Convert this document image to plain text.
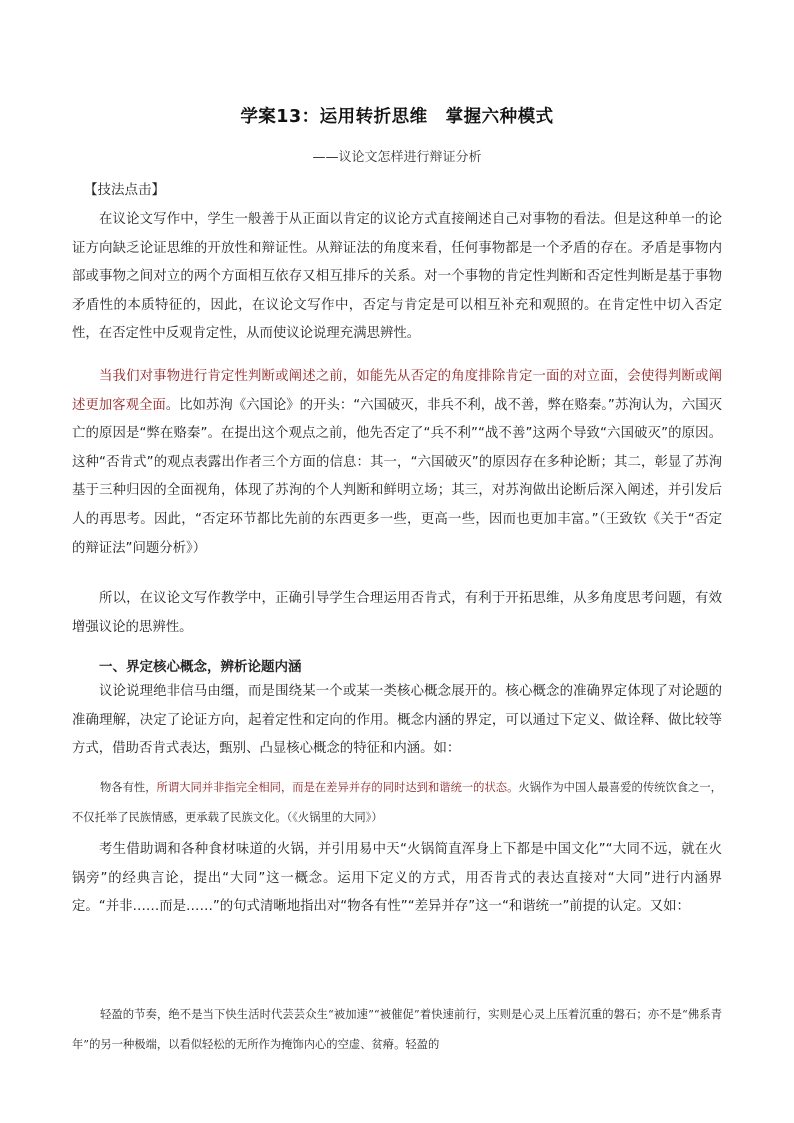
学案13：运用转折思维　掌握六种模式
——议论文怎样进行辩证分析
【技法点击】
在议论文写作中，学生一般善于从正面以肯定的议论方式直接阐述自己对事物的看法。但是这种单一的论证方向缺乏论证思维的开放性和辩证性。从辩证法的角度来看，任何事物都是一个矛盾的存在。矛盾是事物内部或事物之间对立的两个方面相互依存又相互排斥的关系。对一个事物的肯定性判断和否定性判断是基于事物矛盾性的本质特征的，因此，在议论文写作中，否定与肯定是可以相互补充和观照的。在肯定性中切入否定性，在否定性中反观肯定性，从而使议论说理充满思辨性。
当我们对事物进行肯定性判断或阐述之前，如能先从否定的角度排除肯定一面的对立面，会使得判断或阐述更加客观全面。比如苏洵《六国论》的开头：“六国破灭，非兵不利，战不善，弊在赂秦。”苏洵认为，六国灭亡的原因是“弊在赂秦”。在提出这个观点之前，他先否定了“兵不利”“战不善”这两个导致“六国破灭”的原因。这种“否肯式”的观点表露出作者三个方面的信息：其一，“六国破灭”的原因存在多种论断；其二，彰显了苏洵基于三种归因的全面视角，体现了苏洵的个人判断和鲜明立场；其三，对苏洵做出论断后深入阐述，并引发后人的再思考。因此，“否定环节都比先前的东西更多一些，更高一些，因而也更加丰富。”（王致钦《关于“否定的辩证法”问题分析》）
所以，在议论文写作教学中，正确引导学生合理运用否肯式，有利于开拓思维，从多角度思考问题，有效增强议论的思辨性。
一、界定核心概念，辨析论题内涵
议论说理绝非信马由缰，而是围绕某一个或某一类核心概念展开的。核心概念的准确界定体现了对论题的准确理解，决定了论证方向，起着定性和定向的作用。概念内涵的界定，可以通过下定义、做诠释、做比较等方式，借助否肯式表达，甄别、凸显核心概念的特征和内涵。如：
物各有性，所谓大同并非指完全相同，而是在差异并存的同时达到和谐统一的状态。火锅作为中国人最喜爱的传统饮食之一，不仅托举了民族情感，更承载了民族文化。（《火锅里的大同》）
考生借助调和各种食材味道的火锅，并引用易中天“火锅简直浑身上下都是中国文化”“大同不远，就在火锅旁”的经典言论，提出“大同”这一概念。运用下定义的方式，用否肯式的表达直接对“大同”进行内涵界定。“并非……而是……”的句式清晰地指出对“物各有性”“差异并存”这一“和谐统一”前提的认定。又如：
轻盈的节奏，绝不是当下快生活时代芸芸众生“被加速”“被催促”着快速前行，实则是心灵上压着沉重的磐石；亦不是“佛系青年”的另一种极端，以看似轻松的无所作为掩饰内心的空虚、贫瘠。轻盈的
